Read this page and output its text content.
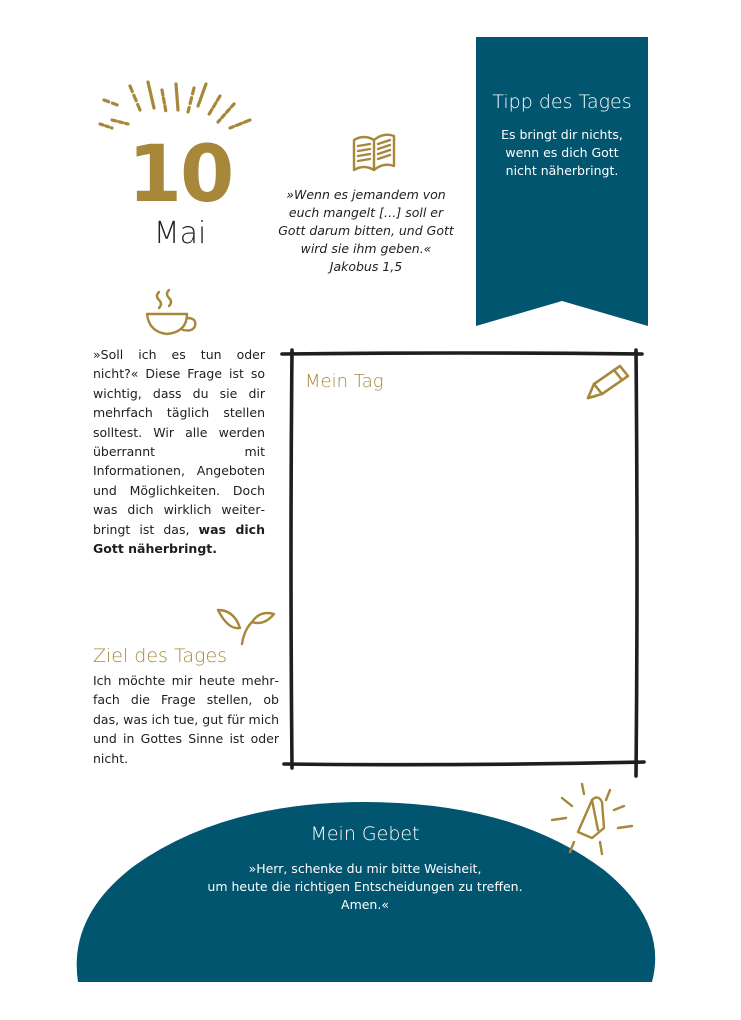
10
Mai
»Wenn es jemandem von
euch mangelt […] soll er
Gott darum bitten, und Gott
wird sie ihm geben.«
Jakobus 1,5
Tipp des Tages
Es bringt dir nichts,
wenn es dich Gott
nicht näherbringt.
»Soll ich es tun oder nicht?« Diese Frage ist so wichtig, dass du sie dir mehrfach täglich stellen solltest. Wir alle werden überrannt mit Informationen, Angeboten und Möglichkeiten. Doch was dich wirklich weiterbringt ist das, was dich Gott näherbringt.
Mein Tag
Ziel des Tages
Ich möchte mir heute mehrfach die Frage stellen, ob das, was ich tue, gut für mich und in Gottes Sinne ist oder nicht.
Mein Gebet
»Herr, schenke du mir bitte Weisheit,
um heute die richtigen Entscheidungen zu treffen.
Amen.«
